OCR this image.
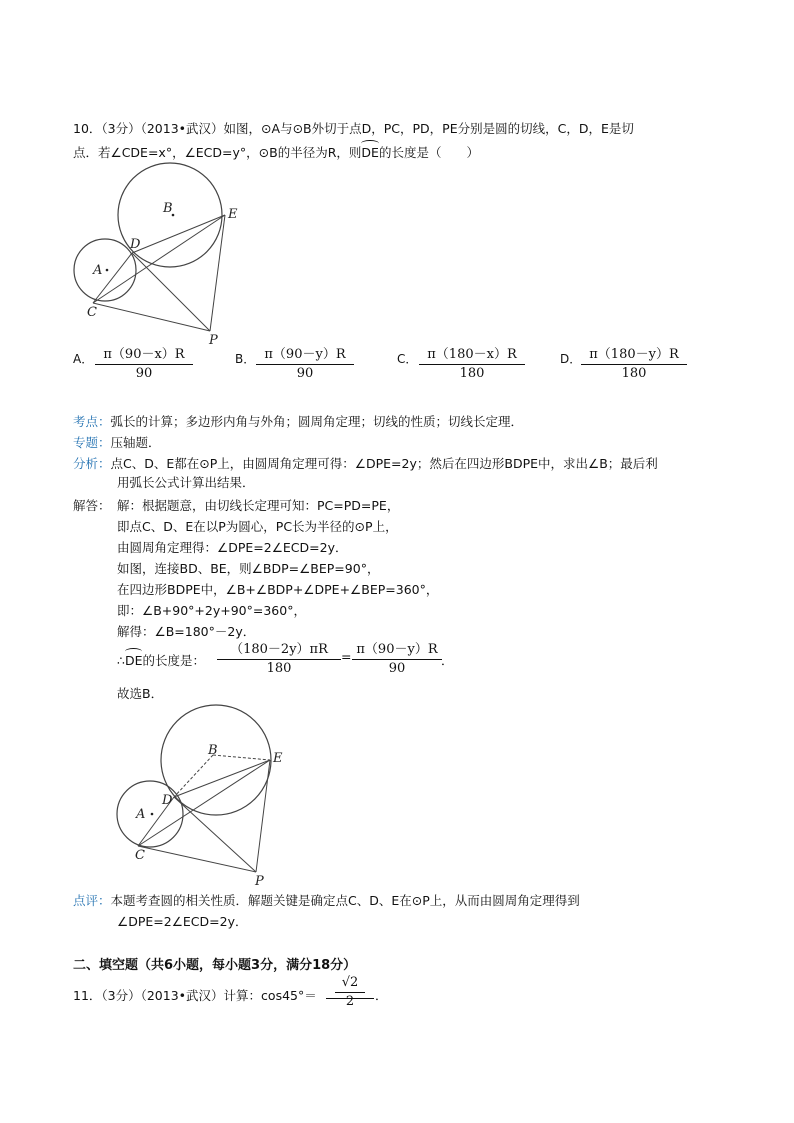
10．（3分）（2013•武汉）如图，⊙A与⊙B外切于点D，PC，PD，PE分别是圆的切线，C，D，E是切
点．若∠CDE=x°，∠ECD=y°，⊙B的半径为R，则DE的长度是（　　）
B
A
D
E
C
P
A． π（90－x）R
90
B． π（90－y）R
90
C． π（180－x）R
180
D． π（180－y）R
180
考点：弧长的计算；多边形内角与外角；圆周角定理；切线的性质；切线长定理．
专题：压轴题．
分析：点C、D、E都在⊙P上，由圆周角定理可得：∠DPE=2y；然后在四边形BDPE中，求出∠B；最后利
用弧长公式计算出结果．
解答： 解：根据题意，由切线长定理可知：PC=PD=PE，
即点C、D、E在以P为圆心，PC长为半径的⊙P上，
由圆周角定理得：∠DPE=2∠ECD=2y．
如图，连接BD、BE，则∠BDP=∠BEP=90°，
在四边形BDPE中，∠B+∠BDP+∠DPE+∠BEP=360°，
即：∠B+90°+2y+90°=360°，
解得：∠B=180°－2y．
∴DE的长度是：
（180－2y）πR
180
= π（90－y）R
90
．
故选B．
B
A
D
E
C
P
点评：本题考查圆的相关性质．解题关键是确定点C、D、E在⊙P上，从而由圆周角定理得到
∠DPE=2∠ECD=2y．
二、填空题（共6小题，每小题3分，满分18分）
11．（3分）（2013•武汉）计算：cos45°＝
√2
2	．
